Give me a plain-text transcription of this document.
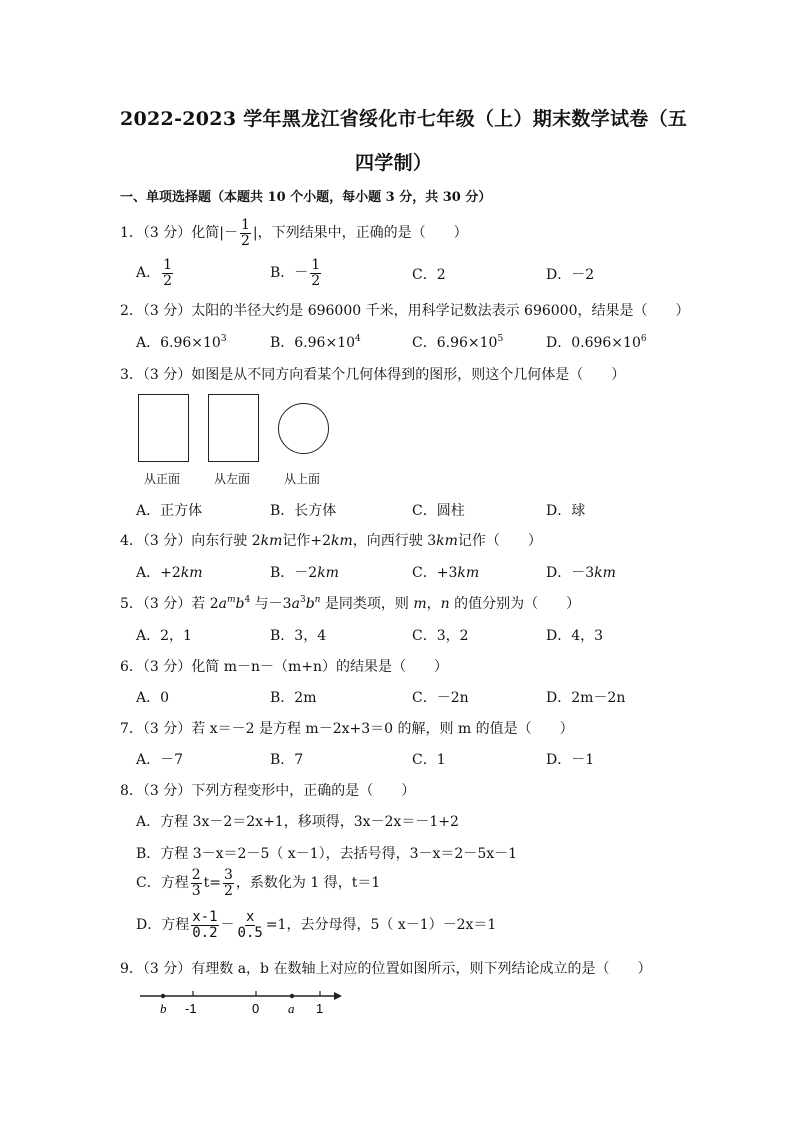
2022-2023 学年黑龙江省绥化市七年级（上）期末数学试卷（五
四学制）
一、单项选择题（本题共 10 个小题，每小题 3 分，共 30 分）
1．（3 分）化简|－ $\frac{1}{2}$ |，下列结果中，正确的是（　　）
A． $\frac{1}{2}$	B．－ $\frac{1}{2}$	C．2	D．－2
2．（3 分）太阳的半径大约是 696000 千米，用科学记数法表示 696000，结果是（　　）
A．$6.96\times 10^3$	B．$6.96\times 10^4$	C．$6.96\times 10^5$	D．$0.696\times 10^6$
3．（3 分）如图是从不同方向看某个几何体得到的图形，则这个几何体是（　　）
从正面	从左面	从上面
A．正方体	B．长方体	C．圆柱	D．球
4．（3 分）向东行驶 2km记作+2km，向西行驶 3km记作（　　）
A．+2km	B．－2km	C．+3km	D．－3km
5．（3 分）若 $2a^mb^4$ 与$-3a^3b^n$ 是同类项，则 m，n 的值分别为（　　）
A．2，1	B．3，4	C．3，2	D．4，3
6．（3 分）化简 m－n－（m+n）的结果是（　　）
A．0	B．2m	C．－2n	D．2m－2n
7．（3 分）若 x＝－2 是方程 m－2x+3＝0 的解，则 m 的值是（　　）
A．－7	B．7	C．1	D．－1
8．（3 分）下列方程变形中，正确的是（　　）
A．方程 3x－2＝2x+1，移项得，3x－2x＝－1+2
B．方程 3－x＝2－5（ x－1），去括号得，3－x＝2－5x－1
C．方程 $\frac{2}{3} t= \frac{3}{2}$ ，系数化为 1 得，t＝1
D．方程 $\frac{x-1}{0.2} - \frac{x}{0.5} =1$，去分母得，5（ x－1）－2x＝1
9．（3 分）有理数 a，b 在数轴上对应的位置如图所示，则下列结论成立的是（　　）
b -1	0 a 1
